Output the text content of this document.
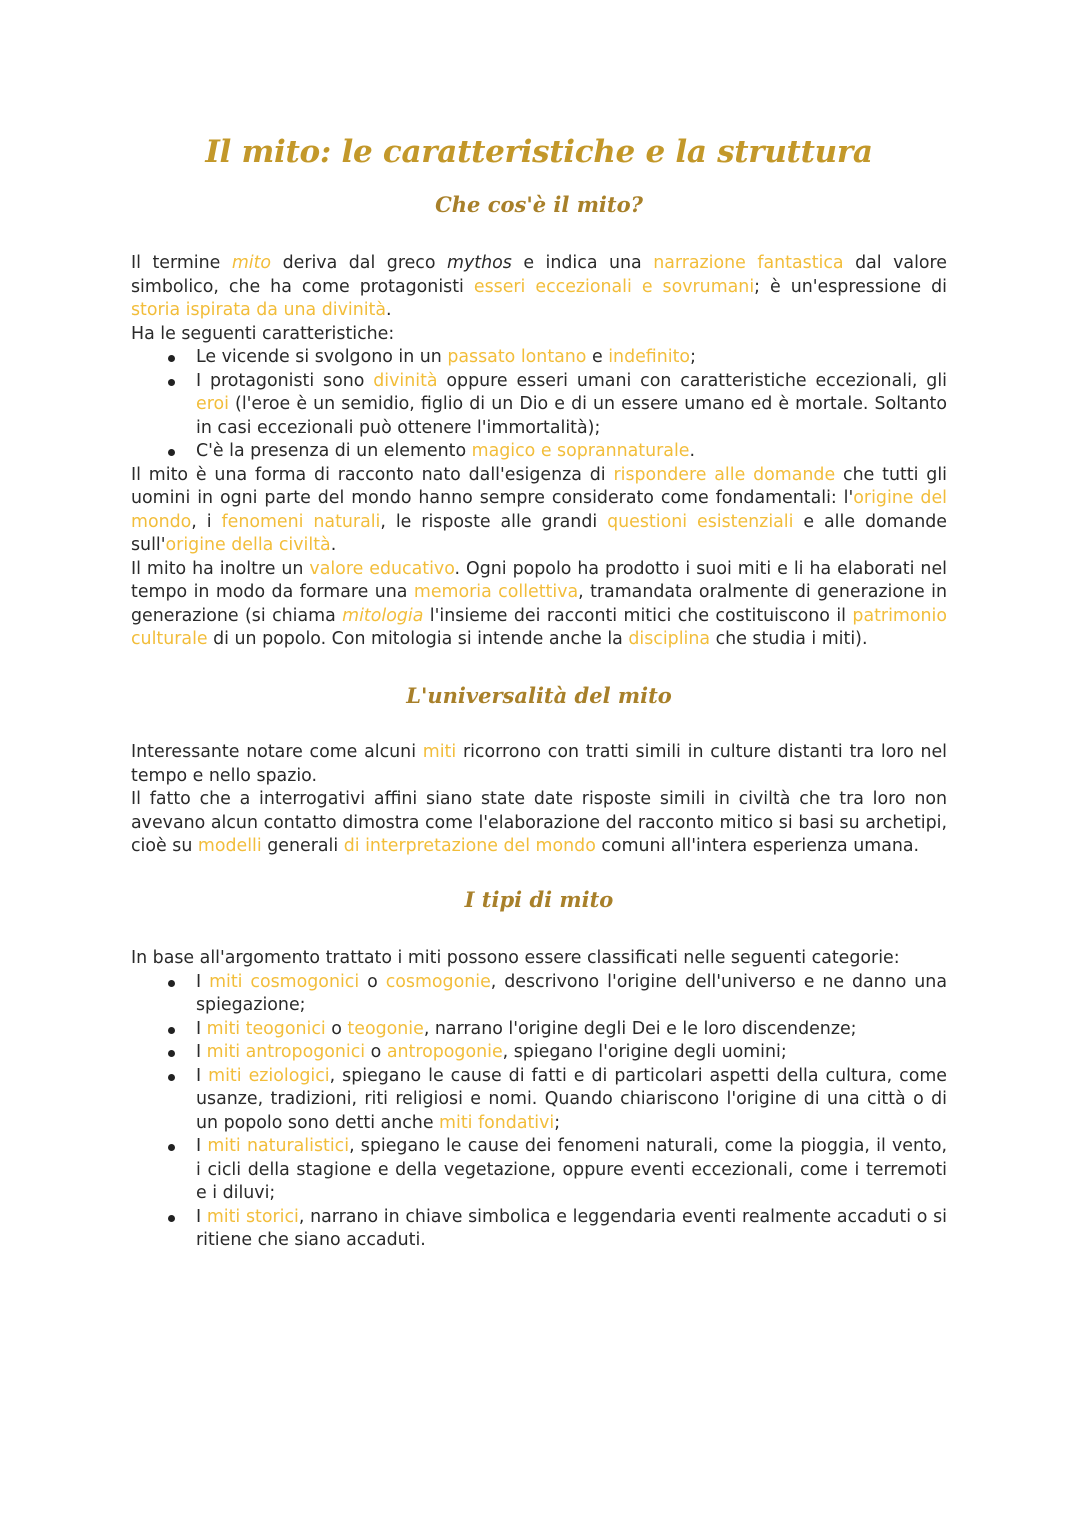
Il mito: le caratteristiche e la struttura
Che cos'è il mito?

Il termine mito deriva dal greco mythos e indica una narrazione fantastica dal valore simbolico, che ha come protagonisti esseri eccezionali e sovrumani; è un'espressione di storia ispirata da una divinità.

Ha le seguenti caratteristiche:

Le vicende si svolgono in un passato lontano e indefinito;
I protagonisti sono divinità oppure esseri umani con caratteristiche eccezionali, gli eroi (l'eroe è un semidio, figlio di un Dio e di un essere umano ed è mortale. Soltanto in casi eccezionali può ottenere l'immortalità);
C'è la presenza di un elemento magico e soprannaturale.

Il mito è una forma di racconto nato dall'esigenza di rispondere alle domande che tutti gli uomini in ogni parte del mondo hanno sempre considerato come fondamentali: l'origine del mondo, i fenomeni naturali, le risposte alle grandi questioni esistenziali e alle domande sull'origine della civiltà.

Il mito ha inoltre un valore educativo. Ogni popolo ha prodotto i suoi miti e li ha elaborati nel tempo in modo da formare una memoria collettiva, tramandata oralmente di generazione in generazione (si chiama mitologia l'insieme dei racconti mitici che costituiscono il patrimonio culturale di un popolo. Con mitologia si intende anche la disciplina che studia i miti).

L'universalità del mito

Interessante notare come alcuni miti ricorrono con tratti simili in culture distanti tra loro nel tempo e nello spazio.

Il fatto che a interrogativi affini siano state date risposte simili in civiltà che tra loro non avevano alcun contatto dimostra come l'elaborazione del racconto mitico si basi su archetipi, cioè su modelli generali di interpretazione del mondo comuni all'intera esperienza umana.

I tipi di mito

In base all'argomento trattato i miti possono essere classificati nelle seguenti categorie:

I miti cosmogonici o cosmogonie, descrivono l'origine dell'universo e ne danno una spiegazione;
I miti teogonici o teogonie, narrano l'origine degli Dei e le loro discendenze;
I miti antropogonici o antropogonie, spiegano l'origine degli uomini;
I miti eziologici, spiegano le cause di fatti e di particolari aspetti della cultura, come usanze, tradizioni, riti religiosi e nomi. Quando chiariscono l'origine di una città o di un popolo sono detti anche miti fondativi;
I miti naturalistici, spiegano le cause dei fenomeni naturali, come la pioggia, il vento, i cicli della stagione e della vegetazione, oppure eventi eccezionali, come i terremoti e i diluvi;
I miti storici, narrano in chiave simbolica e leggendaria eventi realmente accaduti o si ritiene che siano accaduti.
